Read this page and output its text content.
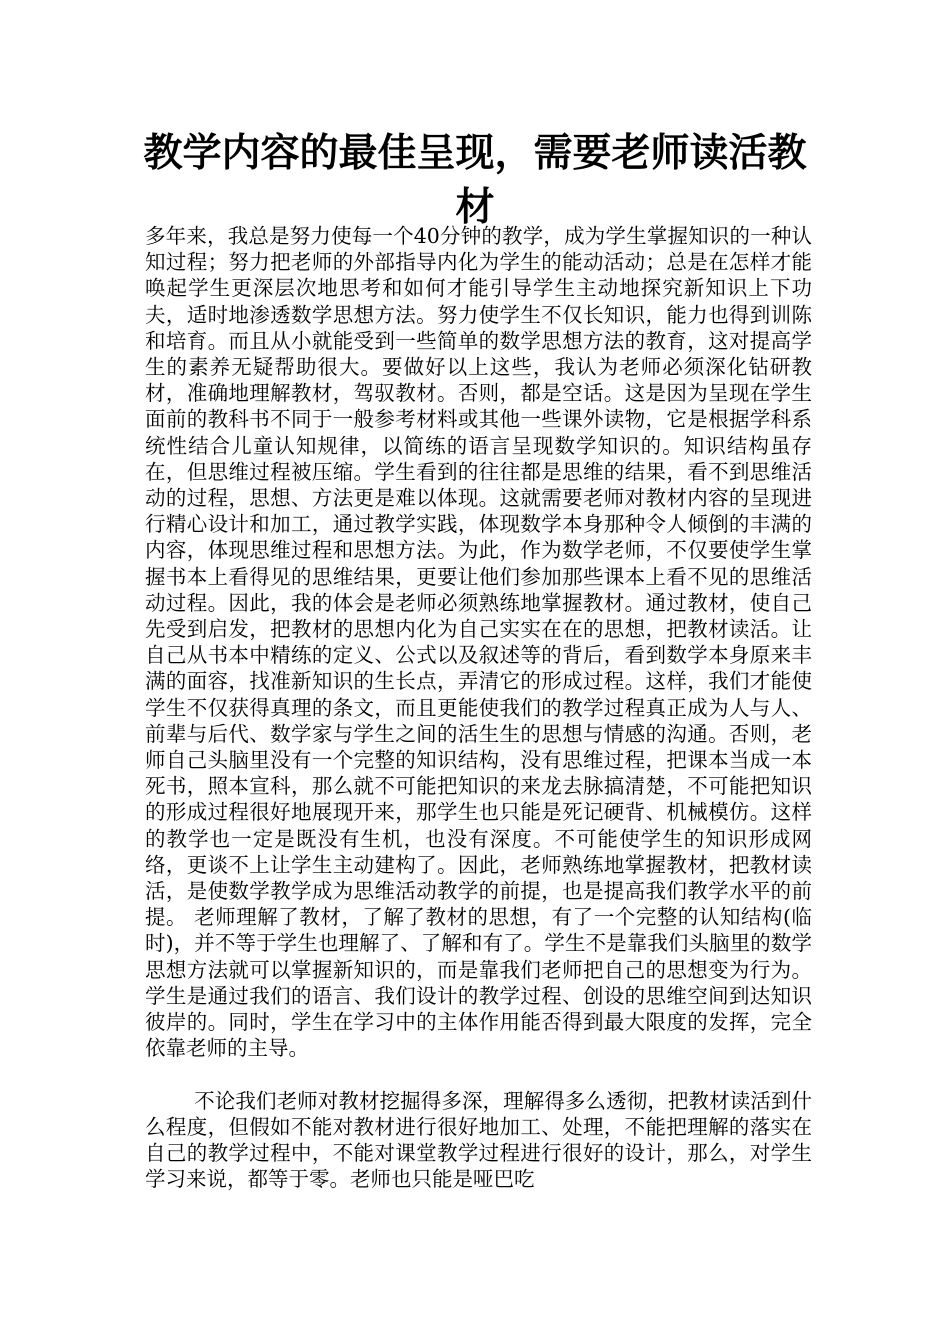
教学内容的最佳呈现，需要老师读活教材

多年来，我总是努力使每一个40分钟的教学，成为学生掌握知识的一种认知过程；努力把老师的外部指导内化为学生的能动活动；总是在怎样才能唤起学生更深层次地思考和如何才能引导学生主动地探究新知识上下功夫，适时地渗透数学思想方法。努力使学生不仅长知识，能力也得到训陈和培育。而且从小就能受到一些简单的数学思想方法的教育，这对提高学生的素养无疑帮助很大。要做好以上这些，我认为老师必须深化钻研教材，准确地理解教材，驾驭教材。否则，都是空话。这是因为呈现在学生面前的教科书不同于一般参考材料或其他一些课外读物，它是根据学科系统性结合儿童认知规律，以简练的语言呈现数学知识的。知识结构虽存在，但思维过程被压缩。学生看到的往往都是思维的结果，看不到思维活动的过程，思想、方法更是难以体现。这就需要老师对教材内容的呈现进行精心设计和加工，通过教学实践，体现数学本身那种令人倾倒的丰满的内容，体现思维过程和思想方法。为此，作为数学老师，不仅要使学生掌握书本上看得见的思维结果，更要让他们参加那些课本上看不见的思维活动过程。因此，我的体会是老师必须熟练地掌握教材。通过教材，使自己先受到启发，把教材的思想内化为自己实实在在的思想，把教材读活。让自己从书本中精练的定义、公式以及叙述等的背后，看到数学本身原来丰满的面容，找准新知识的生长点，弄清它的形成过程。这样，我们才能使学生不仅获得真理的条文，而且更能使我们的教学过程真正成为人与人、前辈与后代、数学家与学生之间的活生生的思想与情感的沟通。否则，老师自己头脑里没有一个完整的知识结构，没有思维过程，把课本当成一本死书，照本宣科，那么就不可能把知识的来龙去脉搞清楚，不可能把知识的形成过程很好地展现开来，那学生也只能是死记硬背、机械模仿。这样的教学也一定是既没有生机，也没有深度。不可能使学生的知识形成网络，更谈不上让学生主动建构了。因此，老师熟练地掌握教材，把教材读活，是使数学教学成为思维活动教学的前提，也是提高我们教学水平的前提。 老师理解了教材，了解了教材的思想，有了一个完整的认知结构(临时)，并不等于学生也理解了、了解和有了。学生不是靠我们头脑里的数学思想方法就可以掌握新知识的，而是靠我们老师把自己的思想变为行为。学生是通过我们的语言、我们设计的教学过程、创设的思维空间到达知识彼岸的。同时，学生在学习中的主体作用能否得到最大限度的发挥，完全依靠老师的主导。

不论我们老师对教材挖掘得多深，理解得多么透彻，把教材读活到什么程度，但假如不能对教材进行很好地加工、处理，不能把理解的落实在自己的教学过程中，不能对课堂教学过程进行很好的设计，那么，对学生学习来说，都等于零。老师也只能是哑巴吃
